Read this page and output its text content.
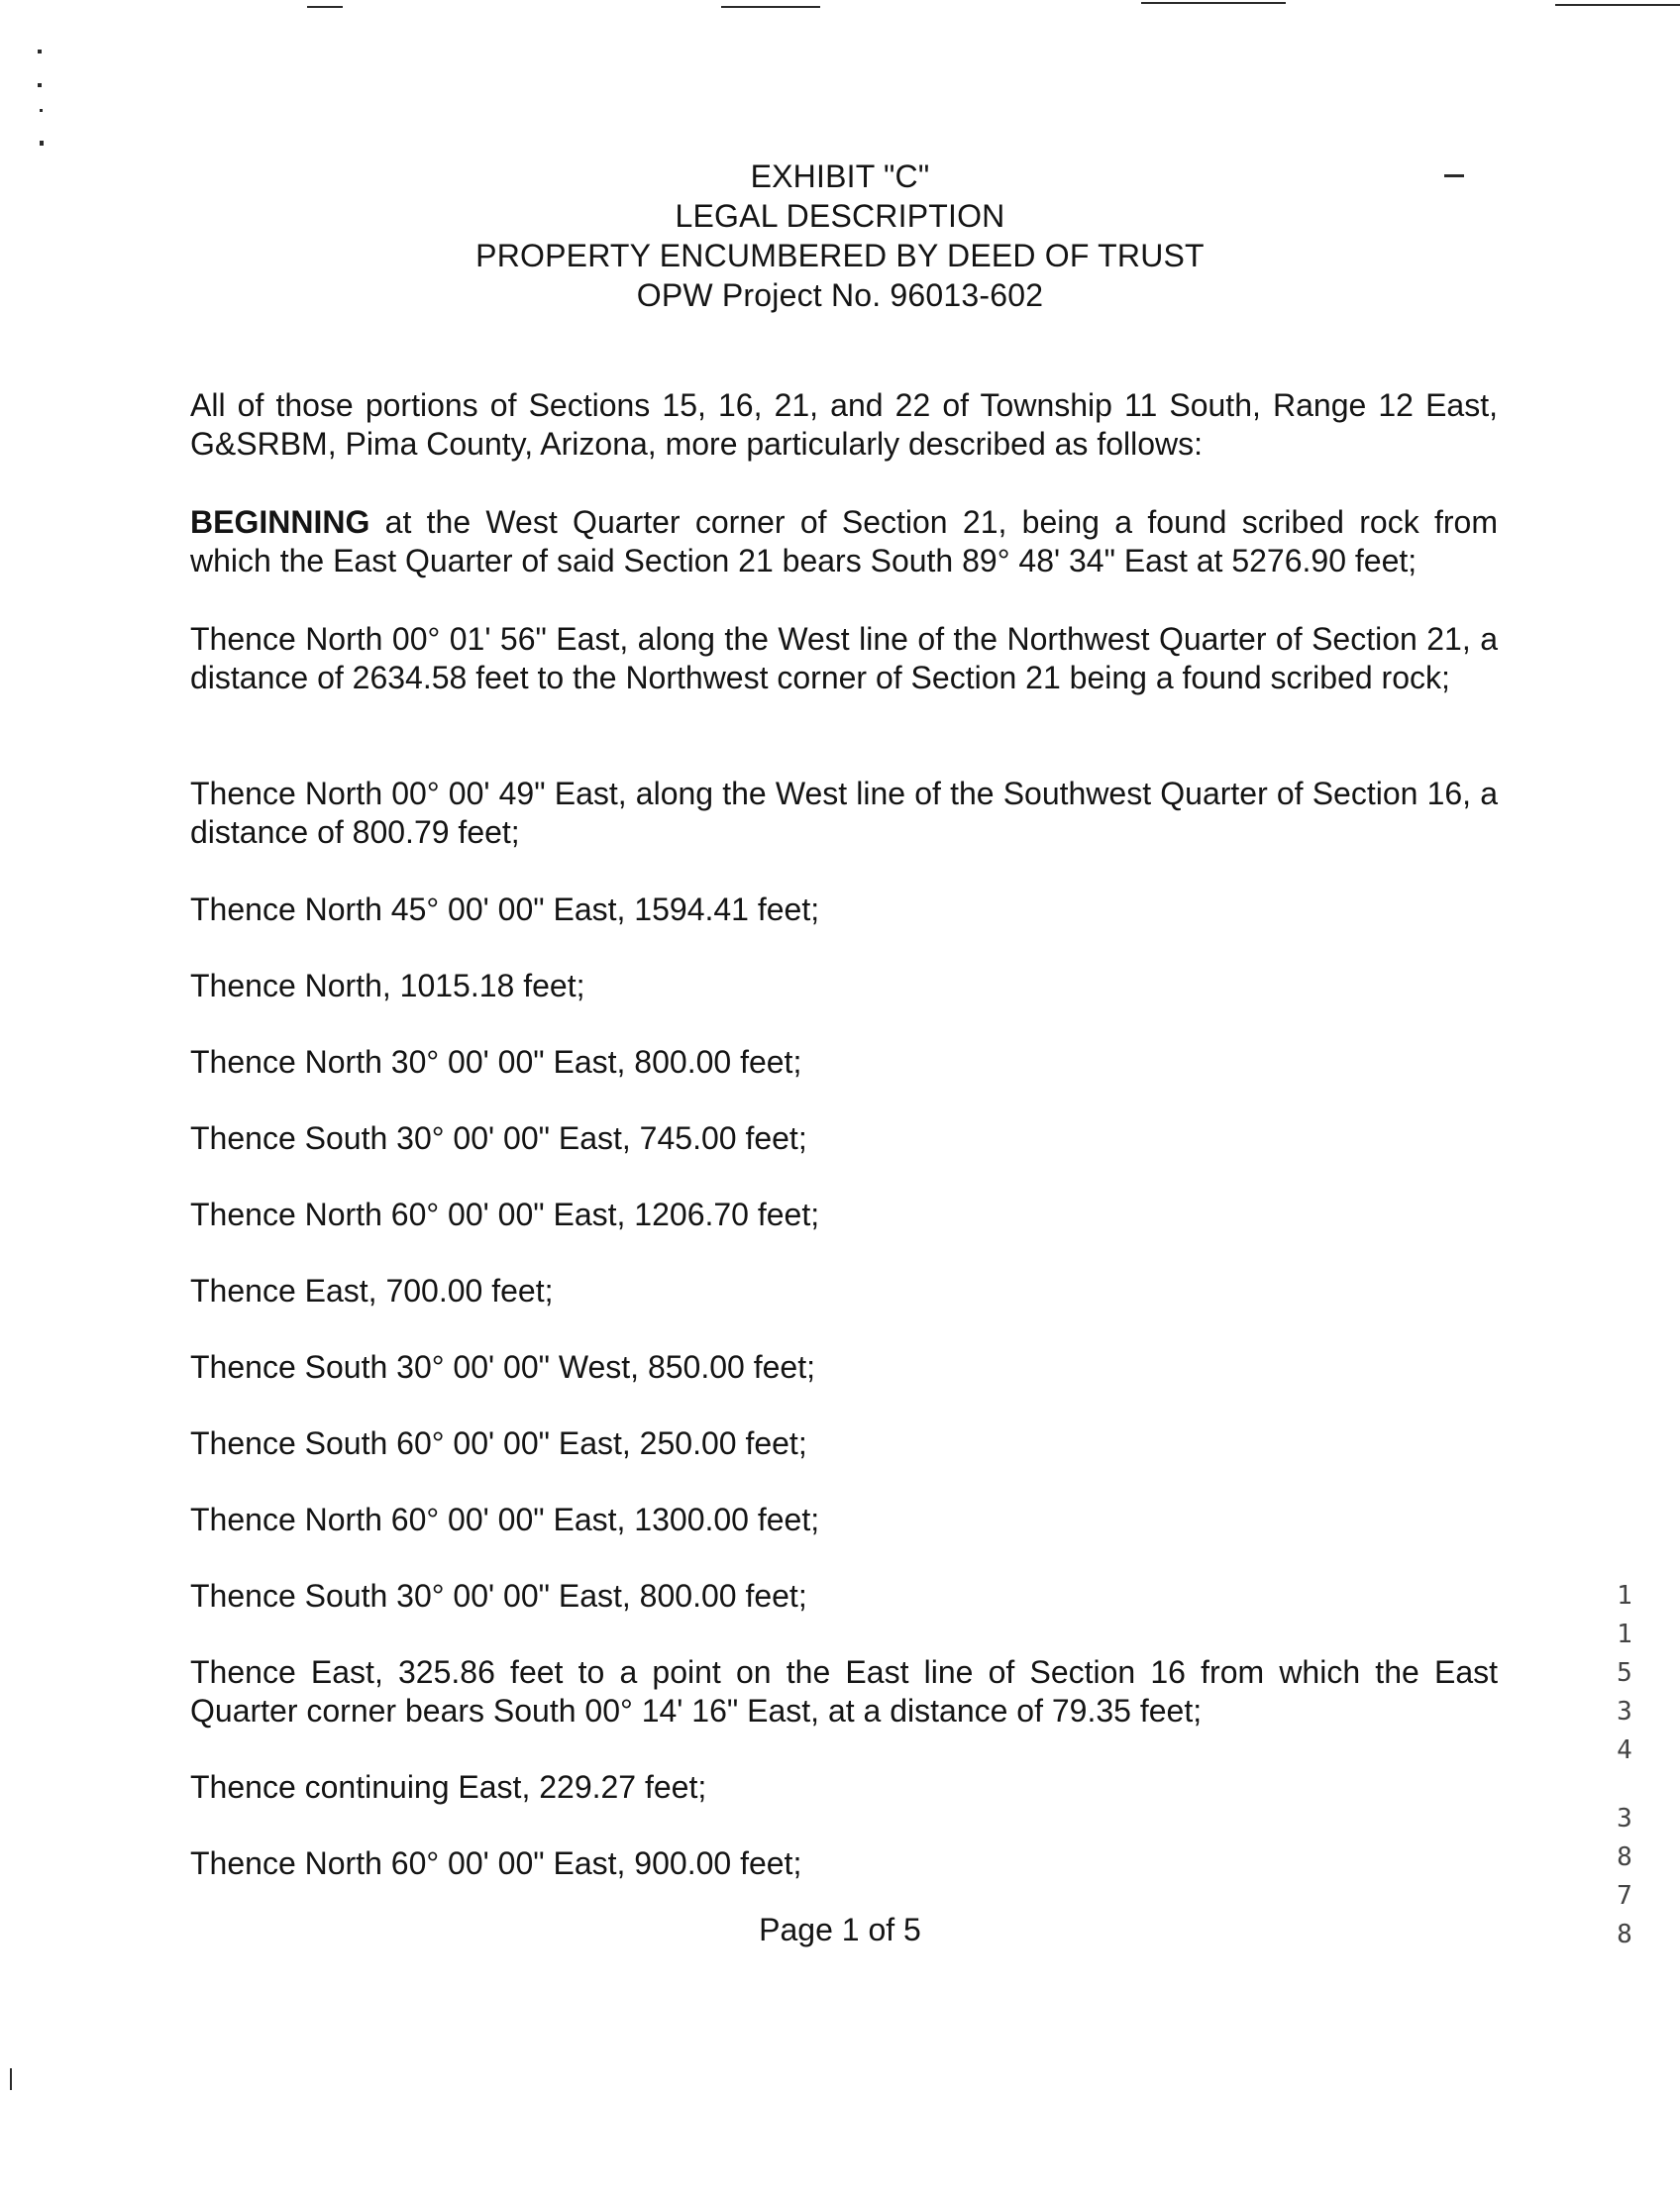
EXHIBIT "C"
LEGAL DESCRIPTION
PROPERTY ENCUMBERED BY DEED OF TRUST
OPW Project No. 96013-602

All of those portions of Sections 15, 16, 21, and 22 of Township 11 South, Range 12 East, G&SRBM, Pima County, Arizona, more particularly described as follows:

BEGINNING at the West Quarter corner of Section 21, being a found scribed rock from which the East Quarter of said Section 21 bears South 89° 48' 34" East at 5276.90 feet;

Thence North 00° 01' 56" East, along the West line of the Northwest Quarter of Section 21, a distance of 2634.58 feet to the Northwest corner of Section 21 being a found scribed rock;

Thence North 00° 00' 49" East, along the West line of the Southwest Quarter of Section 16, a distance of 800.79 feet;

Thence North 45° 00' 00" East, 1594.41 feet;

Thence North, 1015.18 feet;

Thence North 30° 00' 00" East, 800.00 feet;

Thence South 30° 00' 00" East, 745.00 feet;

Thence North 60° 00' 00" East, 1206.70 feet;

Thence East, 700.00 feet;

Thence South 30° 00' 00" West, 850.00 feet;

Thence South 60° 00' 00" East, 250.00 feet;

Thence North 60° 00' 00" East, 1300.00 feet;

Thence South 30° 00' 00" East, 800.00 feet;

Thence East, 325.86 feet to a point on the East line of Section 16 from which the East Quarter corner bears South 00° 14' 16" East, at a distance of 79.35 feet;

Thence continuing East, 229.27 feet;

Thence North 60° 00' 00" East, 900.00 feet;

Page 1 of 5
1
1
5
3
4
3
8
7
8
